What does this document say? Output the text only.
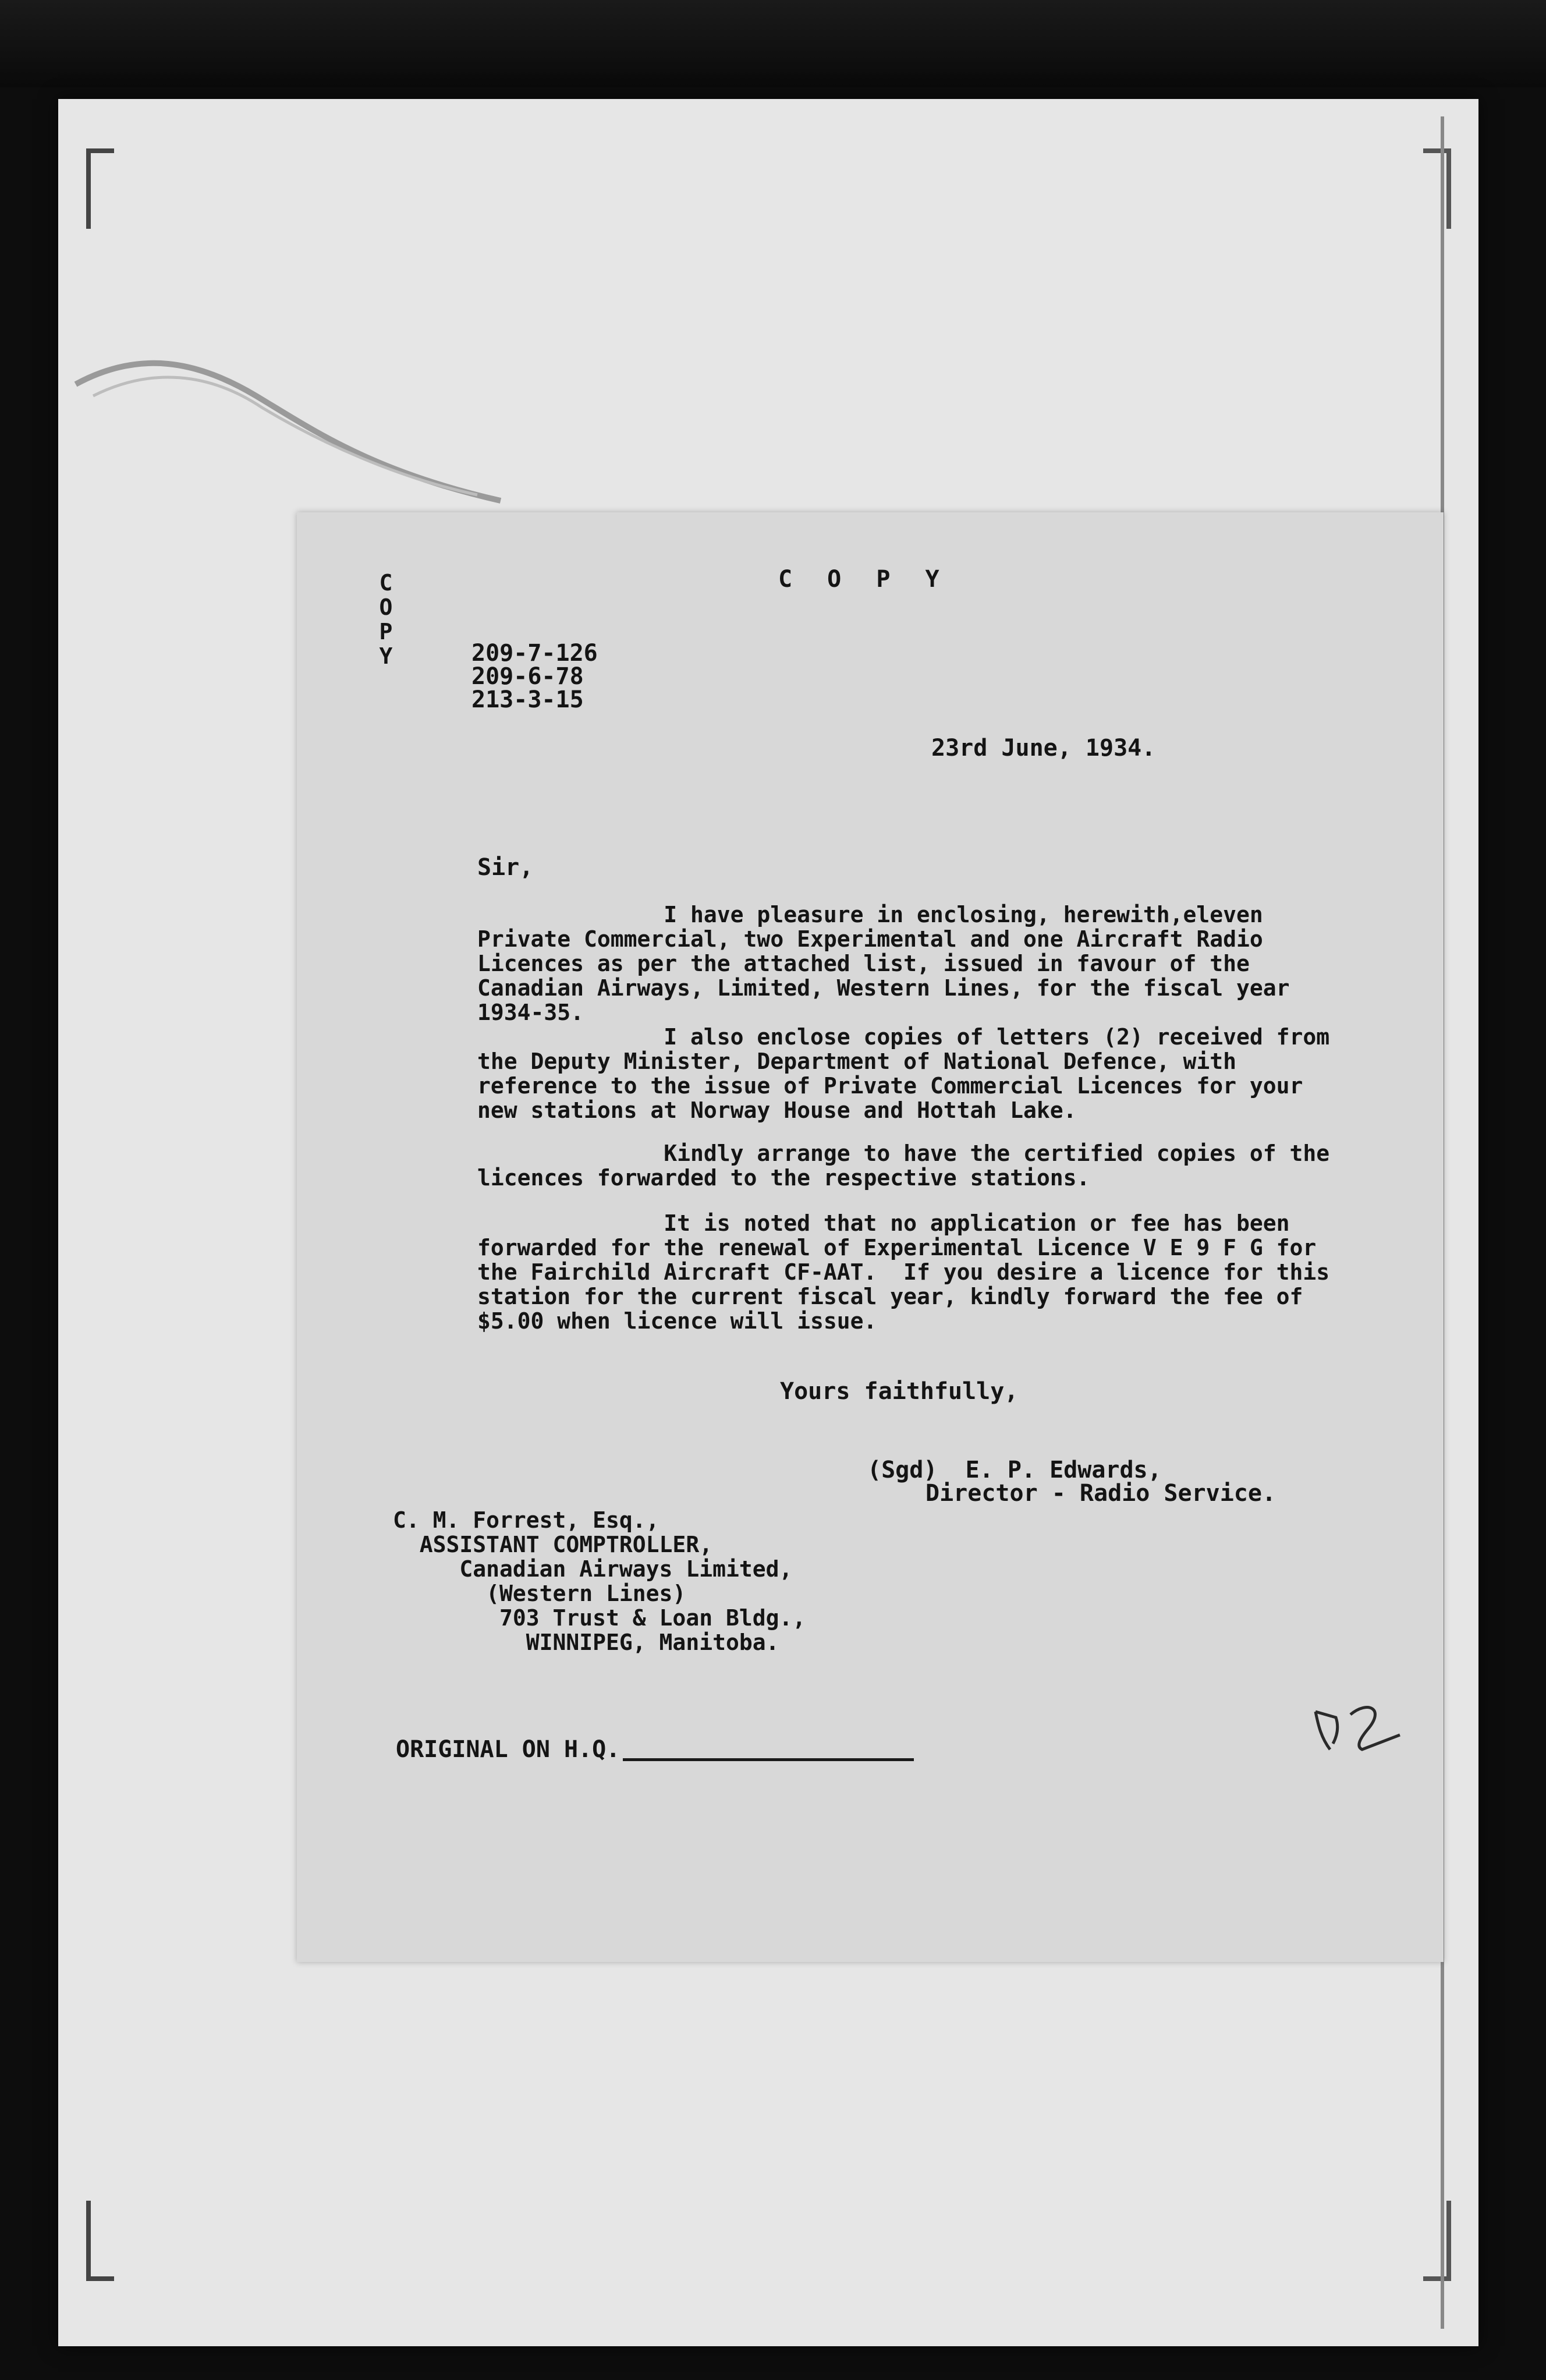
C
O
P
Y
C O P Y
209-7-126
209-6-78
213-3-15
23rd June, 1934.
Sir,
I have pleasure in enclosing, herewith,eleven
Private Commercial, two Experimental and one Aircraft Radio
Licences as per the attached list, issued in favour of the
Canadian Airways, Limited, Western Lines, for the fiscal year
1934-35.
I also enclose copies of letters (2) received from
the Deputy Minister, Department of National Defence, with
reference to the issue of Private Commercial Licences for your
new stations at Norway House and Hottah Lake.
Kindly arrange to have the certified copies of the
licences forwarded to the respective stations.
It is noted that no application or fee has been
forwarded for the renewal of Experimental Licence V E 9 F G for
the Fairchild Aircraft CF-AAT.  If you desire a licence for this
station for the current fiscal year, kindly forward the fee of
$5.00 when licence will issue.
Yours faithfully,
(Sgd)  E. P. Edwards,
Director - Radio Service.
C. M. Forrest, Esq.,
ASSISTANT COMPTROLLER,
Canadian Airways Limited,
(Western Lines)
703 Trust & Loan Bldg.,
WINNIPEG, Manitoba.
ORIGINAL ON H.Q.
